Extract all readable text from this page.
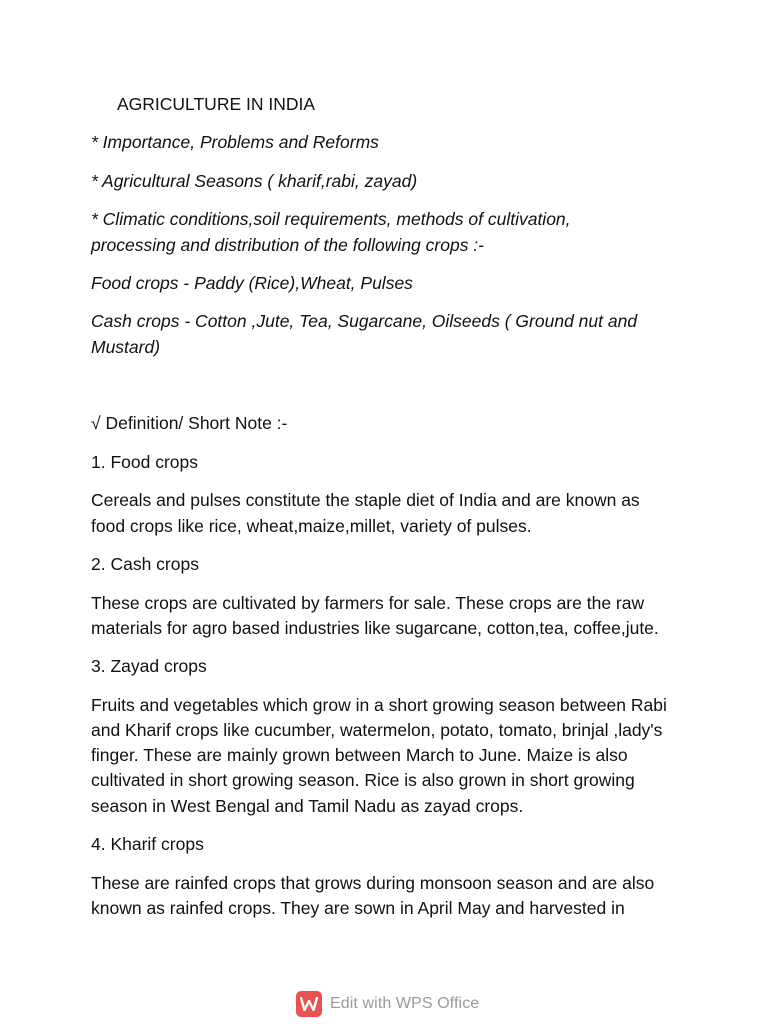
AGRICULTURE IN INDIA
* Importance, Problems and Reforms
* Agricultural Seasons ( kharif,rabi, zayad)
* Climatic conditions,soil requirements, methods of cultivation,
processing and distribution of the following crops :-
Food crops - Paddy (Rice),Wheat, Pulses
Cash crops - Cotton ,Jute, Tea, Sugarcane, Oilseeds ( Ground nut and
Mustard)
√ Definition/ Short Note :-
1. Food crops
Cereals and pulses constitute the staple diet of India and are known as
food crops like rice, wheat,maize,millet, variety of pulses.
2. Cash crops
These crops are cultivated by farmers for sale. These crops are the raw
materials for agro based industries like sugarcane, cotton,tea, coffee,jute.
3. Zayad crops
Fruits and vegetables which grow in a short growing season between Rabi
and Kharif crops like cucumber, watermelon, potato, tomato, brinjal ,lady's
finger. These are mainly grown between March to June. Maize is also
cultivated in short growing season. Rice is also grown in short growing
season in West Bengal and Tamil Nadu as zayad crops.
4. Kharif crops
These are rainfed crops that grows during monsoon season and are also
known as rainfed crops. They are sown in April May and harvested in
Edit with WPS Office
